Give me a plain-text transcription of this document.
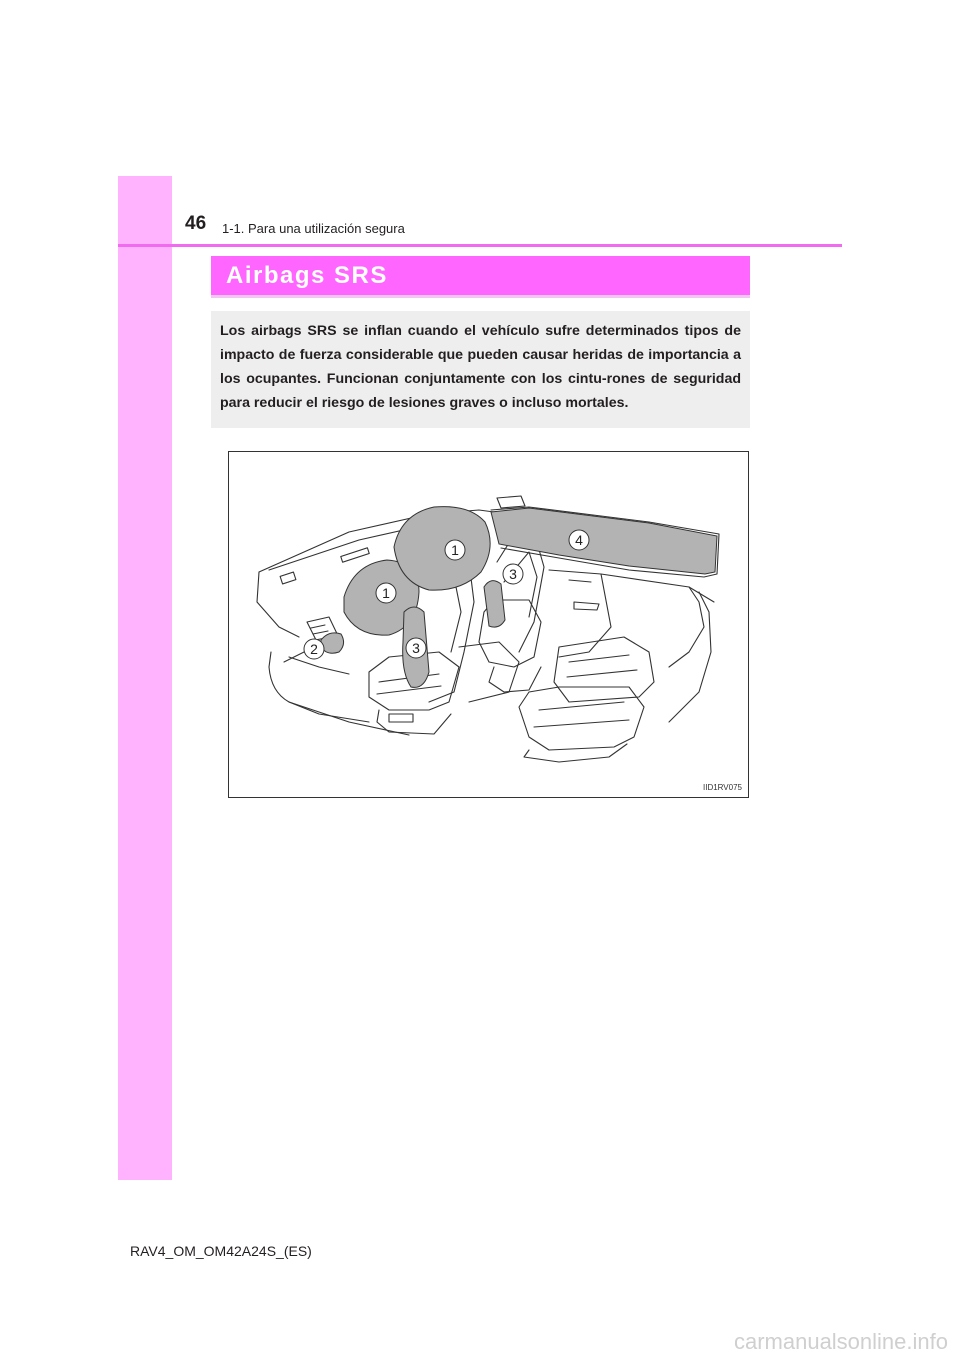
46 1-1. Para una utilización segura
Airbags SRS

Los airbags SRS se inflan cuando el vehículo sufre determinados tipos de impacto de fuerza considerable que pueden causar heridas de importancia a los ocupantes. Funcionan conjuntamente con los cintu-rones de seguridad para reducir el riesgo de lesiones graves o incluso mortales.

1
1
2	3
3
4
IID1RV075
RAV4_OM_OM42A24S_(ES)
carmanualsonline.info
